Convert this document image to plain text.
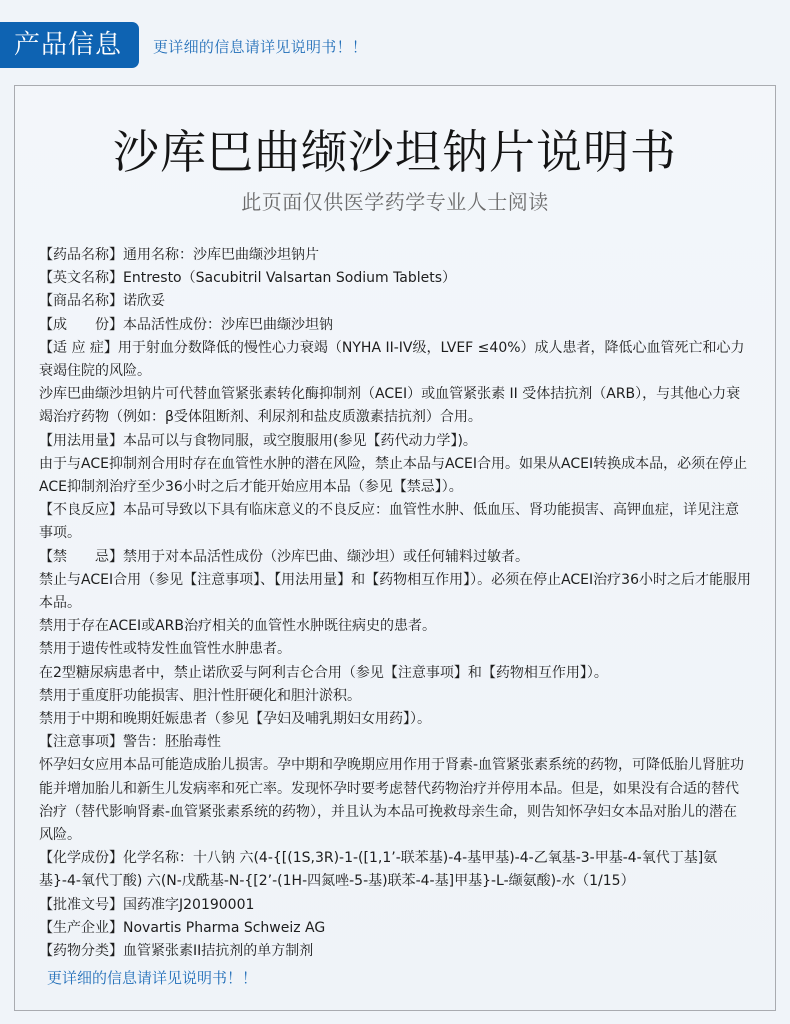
产品信息	更详细的信息请详见说明书！！
沙库巴曲缬沙坦钠片说明书
此页面仅供医学药学专业人士阅读

【药品名称】通用名称：沙库巴曲缬沙坦钠片

【英文名称】Entresto（Sacubitril Valsartan Sodium Tablets）

【商品名称】诺欣妥

【成　　份】本品活性成份：沙库巴曲缬沙坦钠

【适 应 症】用于射血分数降低的慢性心力衰竭（NYHA II-IV级，LVEF ≤40%）成人患者，降低心血管死亡和心力衰竭住院的风险。

沙库巴曲缬沙坦钠片可代替血管紧张素转化酶抑制剂（ACEI）或血管紧张素 II 受体拮抗剂（ARB），与其他心力衰竭治疗药物（例如：β受体阻断剂、利尿剂和盐皮质激素拮抗剂）合用。

【用法用量】本品可以与食物同服，或空腹服用(参见【药代动力学】)。

由于与ACE抑制剂合用时存在血管性水肿的潜在风险，禁止本品与ACEI合用。如果从ACEI转换成本品，必须在停止ACE抑制剂治疗至少36小时之后才能开始应用本品（参见【禁忌】）。

【不良反应】本品可导致以下具有临床意义的不良反应：血管性水肿、低血压、肾功能损害、高钾血症，详见注意事项。

【禁　　忌】禁用于对本品活性成份（沙库巴曲、缬沙坦）或任何辅料过敏者。

禁止与ACEI合用（参见【注意事项】、【用法用量】和【药物相互作用】）。必须在停止ACEI治疗36小时之后才能服用本品。

禁用于存在ACEI或ARB治疗相关的血管性水肿既往病史的患者。

禁用于遗传性或特发性血管性水肿患者。

在2型糖尿病患者中，禁止诺欣妥与阿利吉仑合用（参见【注意事项】和【药物相互作用】）。

禁用于重度肝功能损害、胆汁性肝硬化和胆汁淤积。

禁用于中期和晚期妊娠患者（参见【孕妇及哺乳期妇女用药】）。

【注意事项】警告：胚胎毒性

怀孕妇女应用本品可能造成胎儿损害。孕中期和孕晚期应用作用于肾素-血管紧张素系统的药物，可降低胎儿肾脏功能并增加胎儿和新生儿发病率和死亡率。发现怀孕时要考虑替代药物治疗并停用本品。但是，如果没有合适的替代治疗（替代影响肾素-血管紧张素系统的药物），并且认为本品可挽救母亲生命，则告知怀孕妇女本品对胎儿的潜在风险。

【化学成份】化学名称：十八钠 六(4-{[(1S,3R)-1-([1,1’-联苯基)-4-基甲基)-4-乙氧基-3-甲基-4-氧代丁基]氨基}-4-氧代丁酸) 六(N-戊酰基-N-{[2’-(1H-四氮唑-5-基)联苯-4-基]甲基}-L-缬氨酸)-水（1/15）

【批准文号】国药准字J20190001

【生产企业】Novartis Pharma Schweiz AG

【药物分类】血管紧张素II拮抗剂的单方制剂

更详细的信息请详见说明书！！
